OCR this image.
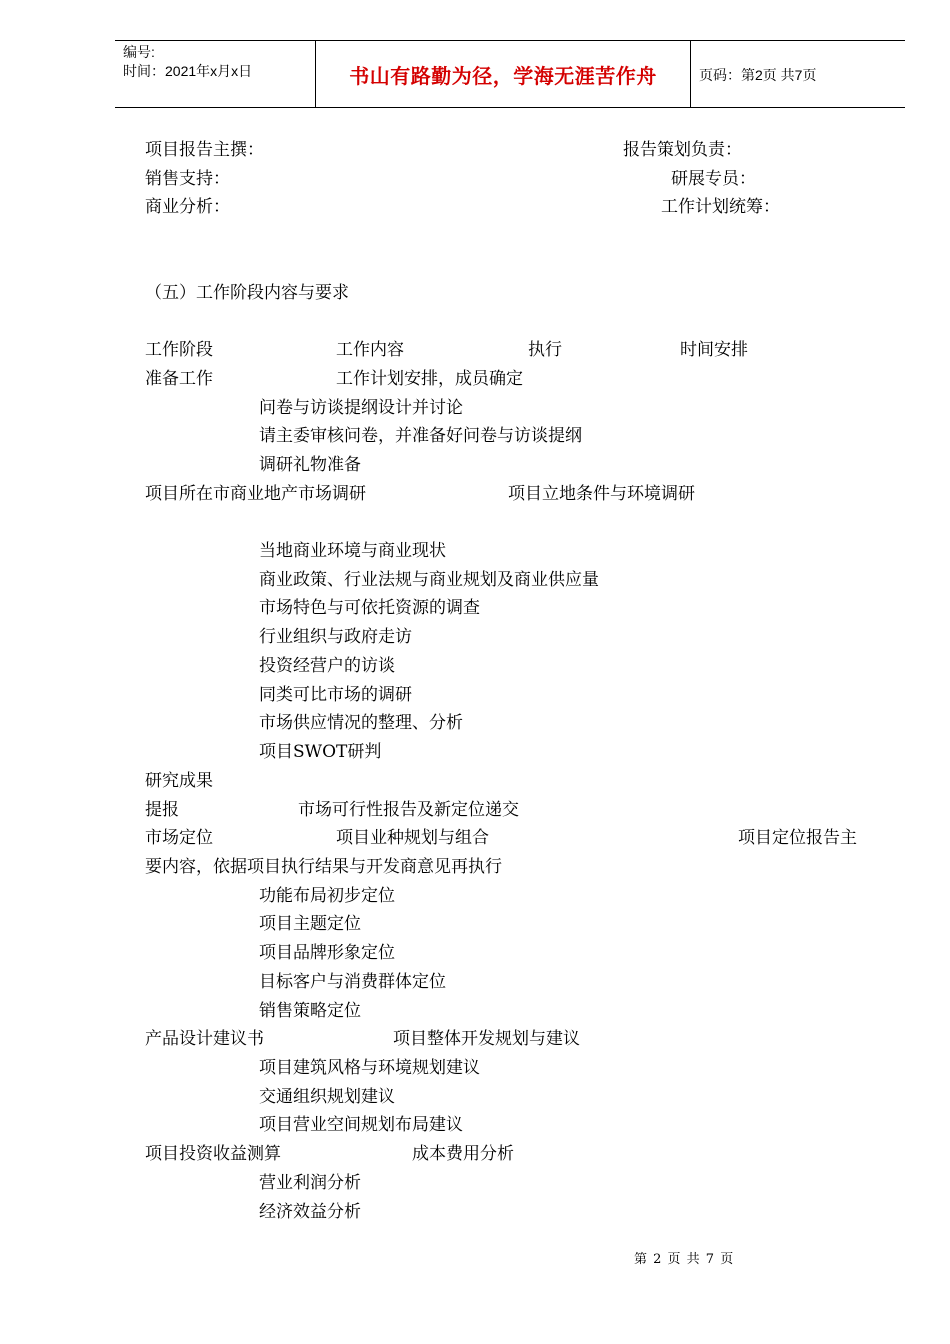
编号:
时间：2021年x月x日	书山有路勤为径，学海无涯苦作舟	页码：第2页 共7页
项目报告主撰：	报告策划负责：
销售支持：	研展专员：
商业分析：	工作计划统筹：
（五）工作阶段内容与要求
工作阶段	工作内容	执行	时间安排
准备工作	工作计划安排，成员确定
问卷与访谈提纲设计并讨论
请主委审核问卷，并准备好问卷与访谈提纲
调研礼物准备
项目所在市商业地产市场调研	项目立地条件与环境调研
当地商业环境与商业现状
商业政策、行业法规与商业规划及商业供应量
市场特色与可依托资源的调查
行业组织与政府走访
投资经营户的访谈
同类可比市场的调研
市场供应情况的整理、分析
项目SWOT研判
研究成果
提报	市场可行性报告及新定位递交
市场定位	项目业种规划与组合	项目定位报告主
要内容，依据项目执行结果与开发商意见再执行
功能布局初步定位
项目主题定位
项目品牌形象定位
目标客户与消费群体定位
销售策略定位
产品设计建议书	项目整体开发规划与建议
项目建筑风格与环境规划建议
交通组织规划建议
项目营业空间规划布局建议
项目投资收益测算	成本费用分析
营业利润分析
经济效益分析
第 2 页 共 7 页
